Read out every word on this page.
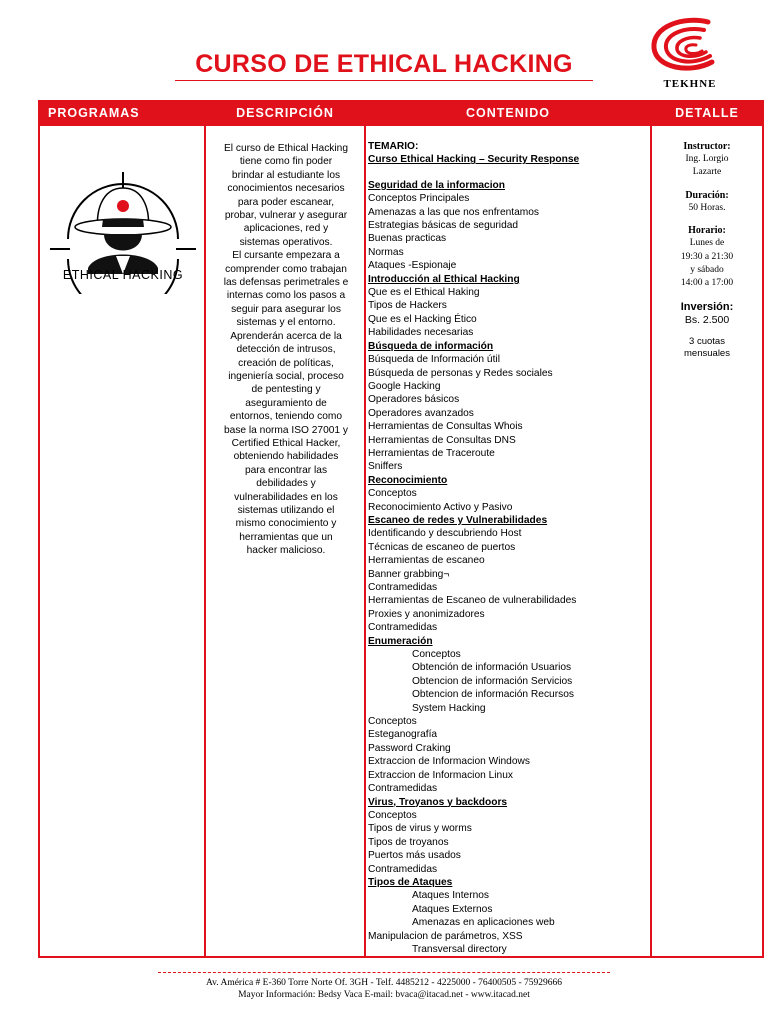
CURSO DE ETHICAL HACKING
TEKHNE
PROGRAMAS
ETHICAL HACKING
DESCRIPCIÓN
El curso de Ethical Hacking
tiene como fin poder
brindar al estudiante los
conocimientos necesarios
para poder escanear,
probar, vulnerar y asegurar
aplicaciones, red y
sistemas operativos.
El cursante empezara a
comprender como trabajan
las defensas perimetrales e
internas como los pasos a
seguir para asegurar los
sistemas y el entorno.
Aprenderán acerca de la
detección de intrusos,
creación de políticas,
ingeniería social, proceso
de pentesting y
aseguramiento de
entornos, teniendo como
base la norma ISO 27001 y
Certified Ethical Hacker,
obteniendo habilidades
para encontrar las
debilidades y
vulnerabilidades en los
sistemas utilizando el
mismo conocimiento y
herramientas que un
hacker malicioso.
CONTENIDO
TEMARIO:
Curso Ethical Hacking – Security Response
Seguridad de la informacion
Conceptos Principales
Amenazas a las que nos enfrentamos
Estrategias básicas de seguridad
Buenas practicas
Normas
Ataques -Espionaje
Introducción al Ethical Hacking
Que es el Ethical Haking
Tipos de Hackers
Que es el Hacking Ético
Habilidades necesarias
Búsqueda de información
Búsqueda de Información útil
Búsqueda de personas y Redes sociales
Google Hacking
Operadores básicos
Operadores avanzados
Herramientas de Consultas Whois
Herramientas de Consultas DNS
Herramientas de Traceroute
Sniffers
Reconocimiento
Conceptos
Reconocimiento Activo y Pasivo
Escaneo de redes y Vulnerabilidades
Identificando y descubriendo Host
Técnicas de escaneo de puertos
Herramientas de escaneo
Banner grabbing¬
Contramedidas
Herramientas de Escaneo de vulnerabilidades
Proxies y anonimizadores
Contramedidas
Enumeración
Conceptos
Obtención de información Usuarios
Obtencion de información Servicios
Obtencion de información Recursos
System Hacking
Conceptos
Esteganografía
Password Craking
Extraccion de Informacion Windows
Extraccion de Informacion Linux
Contramedidas
Virus, Troyanos y backdoors
Conceptos
Tipos de virus y worms
Tipos de troyanos
Puertos más usados
Contramedidas
Tipos de Ataques
Ataques Internos
Ataques Externos
Amenazas en aplicaciones web
Manipulacion de parámetros, XSS
Transversal directory
DETALLE
Instructor:
Ing. Lorgio
Lazarte
Duración:
50 Horas.
Horario:
Lunes de
19:30 a 21:30
y sábado
14:00 a 17:00
Inversión:
Bs. 2.500
3 cuotas
mensuales
Av. América # E-360 Torre Norte Of. 3GH - Telf. 4485212 - 4225000 - 76400505 - 75929666
Mayor Información: Bedsy Vaca E-mail: bvaca@itacad.net - www.itacad.net
